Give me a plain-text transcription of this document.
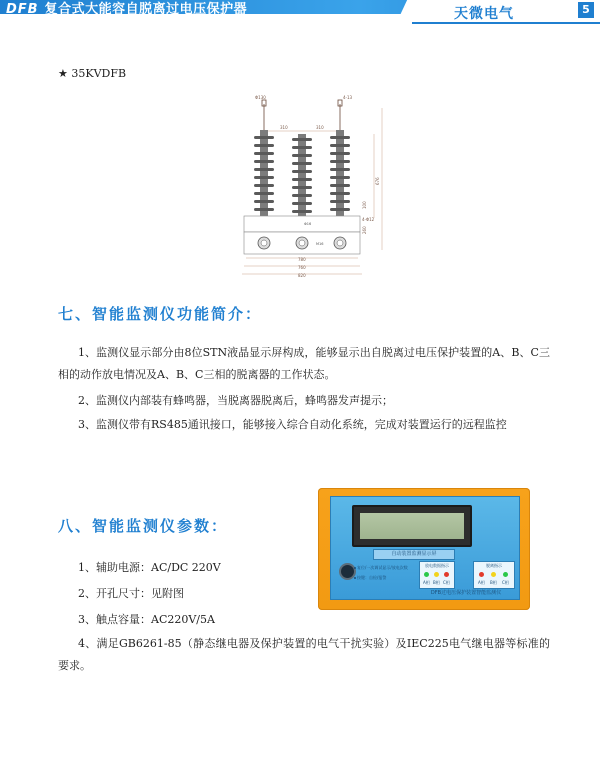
DFB 复合式大能容自脱离过电压保护器	天微电气	5
★ 35KVDFB
Φ130	4-13
310	310
676
4-Φ12
260
100
Φ16
M16
780
760
820
七、智能监测仪功能简介：
1、监测仪显示部分由8位STN液晶显示屏构成，能够显示出自脱离过电压保护装置的A、B、C三相的动作放电情况及A、B、C三相的脱离器的工作状态。
2、监测仪内部装有蜂鸣器，当脱离器脱离后，蜂鸣器发声提示；
3、监测仪带有RS485通讯接口，能够接入综合自动化系统，完成对装置运行的远程监控
自动装置监测显示屏
复位/一次调试显示/放电次数
按键：自检/报警
放电数据指示
A相 B相 C相
脱离指示
A相 B相 C相
DFB过电压保护装置智能监测仪
八、智能监测仪参数：
1、辅助电源：AC/DC 220V
2、开孔尺寸：见附图
3、触点容量：AC220V/5A
4、满足GB6261-85（静态继电器及保护装置的电气干扰实验）及IEC225电气继电器等标准的要求。
